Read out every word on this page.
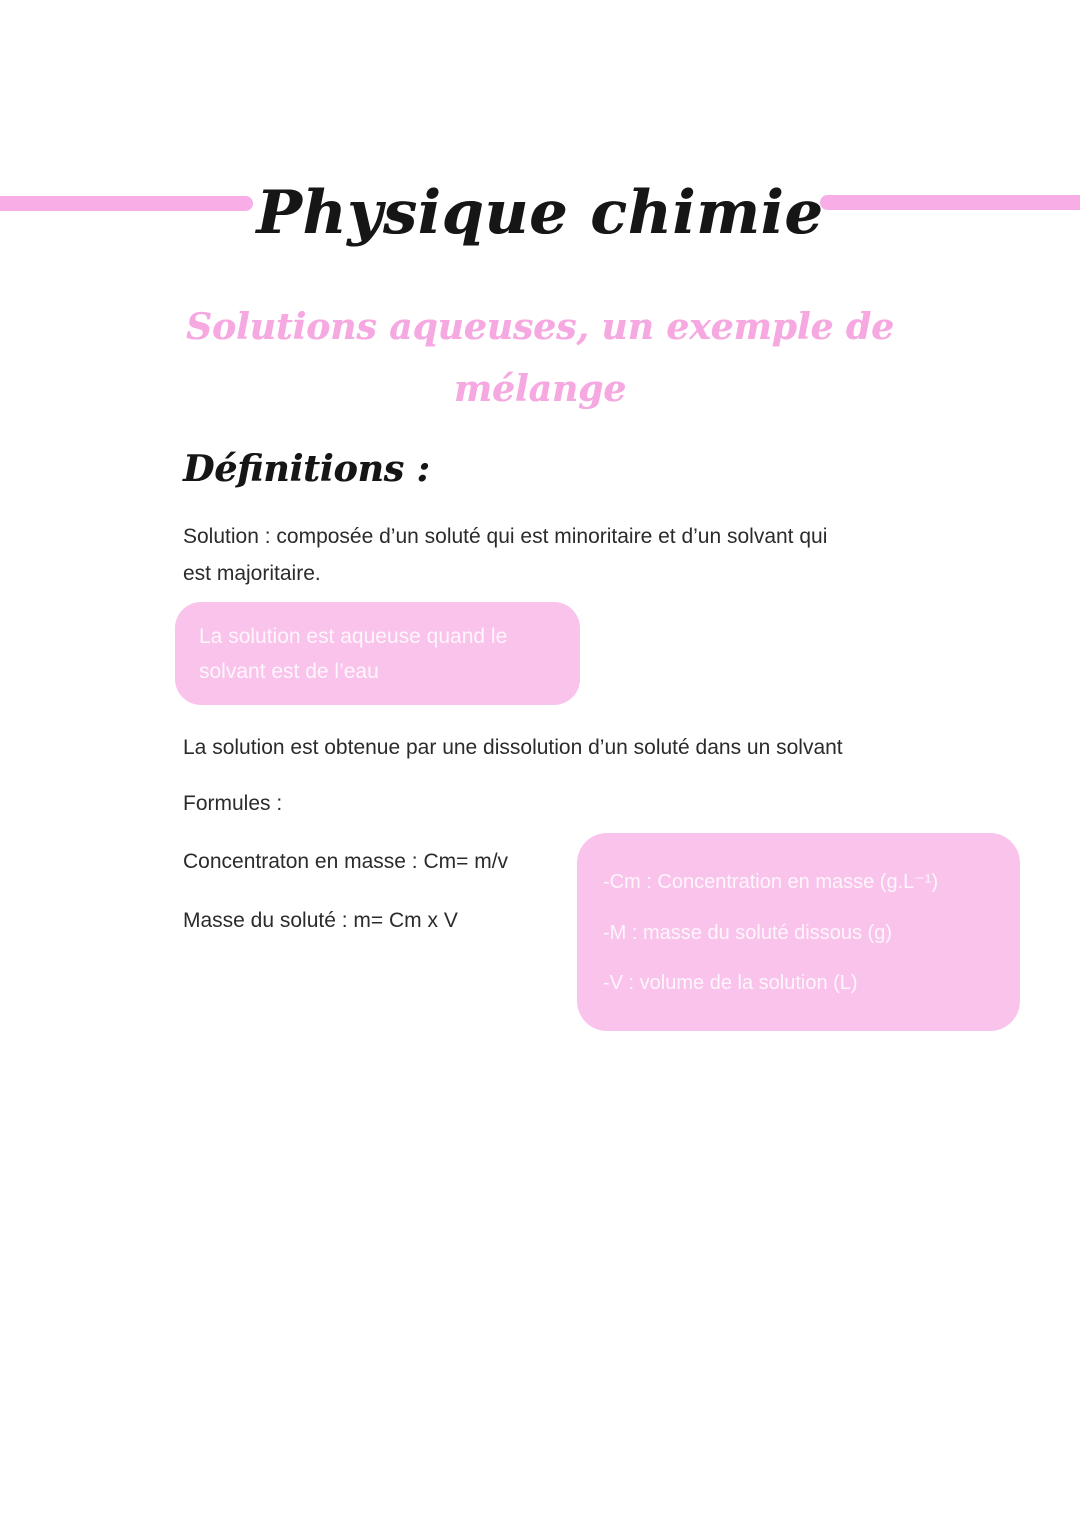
Physique chimie
Solutions aqueuses, un exemple de
mélange
Définitions :
Solution : composée d’un soluté qui est minoritaire et d’un solvant qui
est majoritaire.
La solution est aqueuse quand le
solvant est de l’eau
La solution est obtenue par une dissolution d’un soluté dans un solvant
Formules :
Concentraton en masse : Cm= m/v
Masse du soluté : m= Cm x V
-Cm : Concentration en masse (g.L⁻¹)
-M : masse du soluté dissous (g)
-V : volume de la solution (L)
